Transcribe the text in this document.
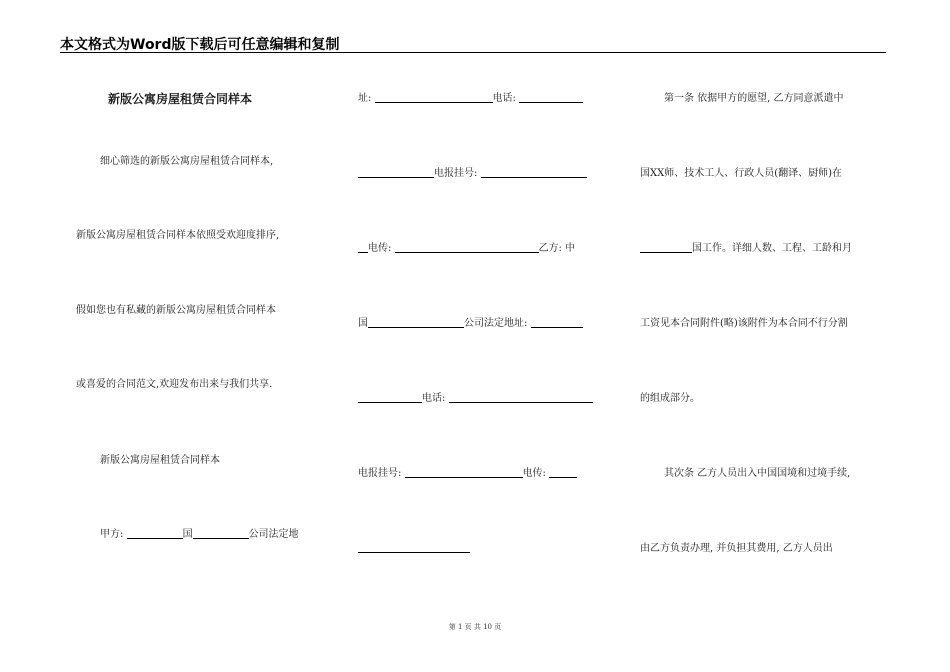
本文格式为Word版下载后可任意编辑和复制
新版公寓房屋租赁合同样本
细心筛选的新版公寓房屋租赁合同样本,
新版公寓房屋租赁合同样本依照受欢迎度排序,
假如您也有私藏的新版公寓房屋租赁合同样本
或喜爱的合同范文,欢迎发布出来与我们共享.
新版公寓房屋租赁合同样本
甲方:	国	公司法定地
址:	电话:
电报挂号:
电传:	乙方: 中
国	公司法定地址:
电话:
电报挂号:	电传:
第一条 依据甲方的愿望, 乙方同意派遣中
国XX师、技术工人、行政人员(翻译、厨师)在
国工作。详细人数、工程、工龄和月
工资见本合同附件(略)该附件为本合同不行分割
的组成部分。
其次条 乙方人员出入中国国境和过境手续,
由乙方负责办理, 并负担其费用, 乙方人员出
第 1 页 共 10 页
